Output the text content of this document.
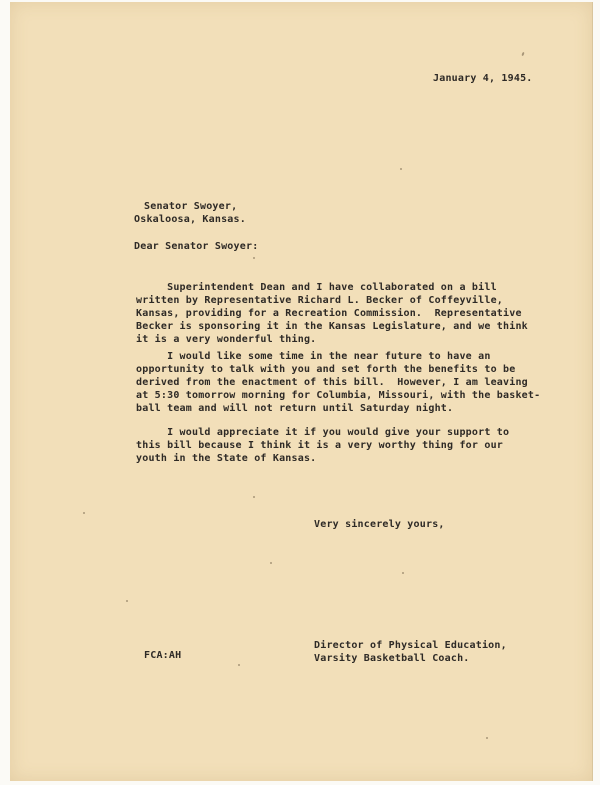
January 4, 1945.
Senator Swoyer,
Oskaloosa, Kansas.
Dear Senator Swoyer:
Superintendent Dean and I have collaborated on a bill
written by Representative Richard L. Becker of Coffeyville,
Kansas, providing for a Recreation Commission.  Representative
Becker is sponsoring it in the Kansas Legislature, and we think
it is a very wonderful thing.
I would like some time in the near future to have an
opportunity to talk with you and set forth the benefits to be
derived from the enactment of this bill.  However, I am leaving
at 5:30 tomorrow morning for Columbia, Missouri, with the basket-
ball team and will not return until Saturday night.
I would appreciate it if you would give your support to
this bill because I think it is a very worthy thing for our
youth in the State of Kansas.
Very sincerely yours,
Director of Physical Education,
Varsity Basketball Coach.
FCA:AH
